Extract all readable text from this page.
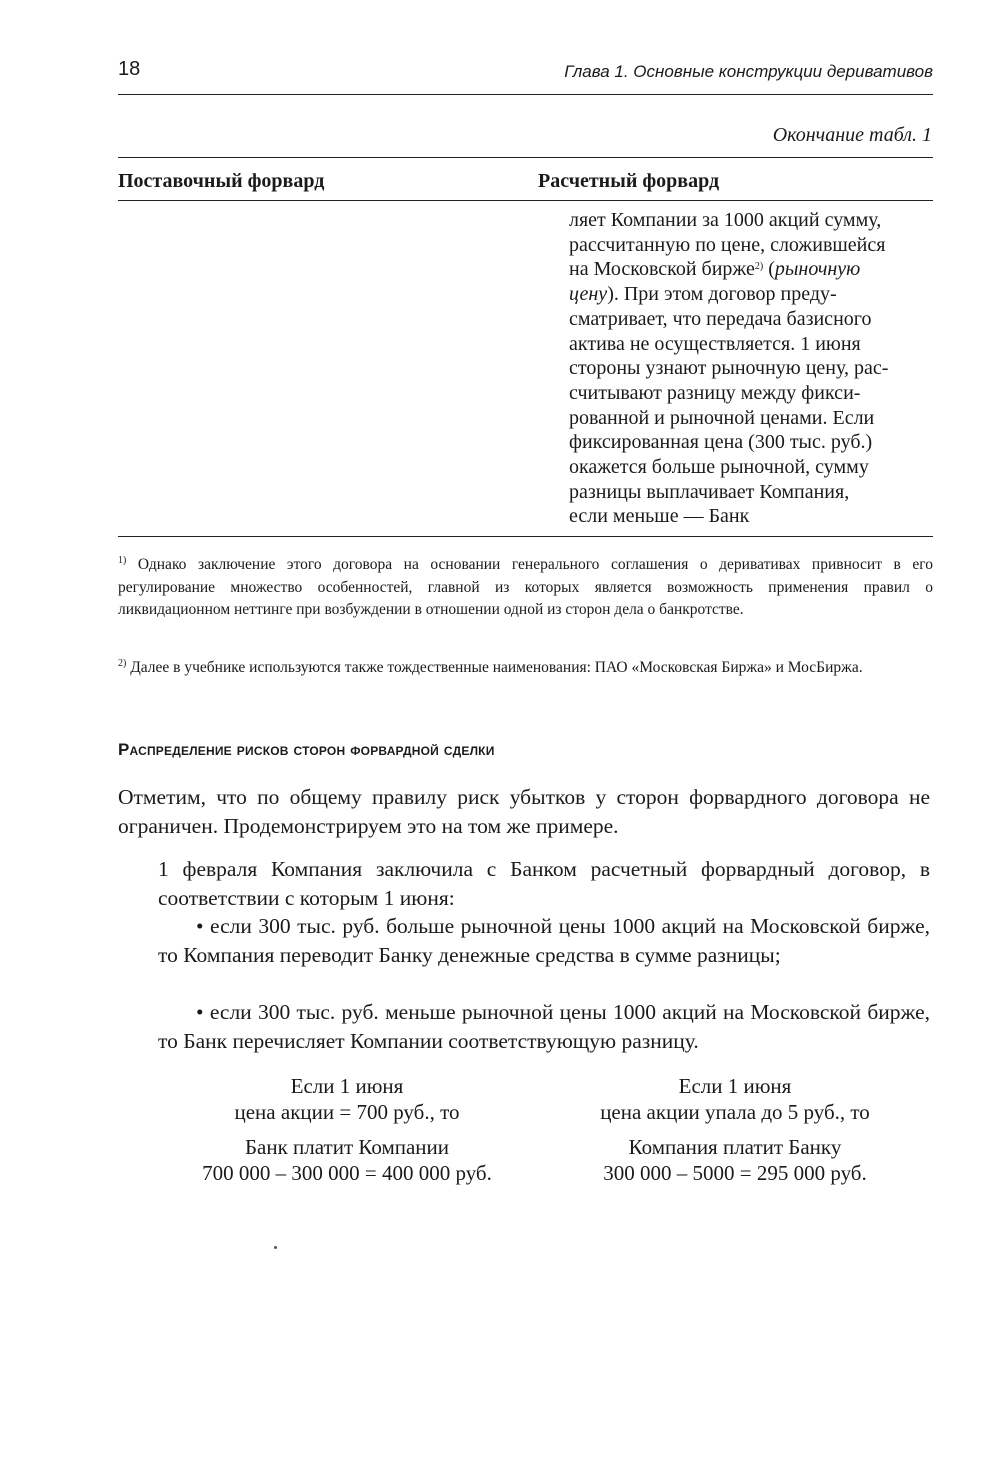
18	Глава 1. Основные конструкции деривативов
Окончание табл. 1
Поставочный форвард	Расчетный форвард

ляет Компании за 1000 акций сумму,

рассчитанную по цене, сложившейся

на Московской бирже$^{2)}$ (рыночную

цену). При этом договор преду-

сматривает, что передача базисного

актива не осуществляется. 1 июня

стороны узнают рыночную цену, рас-

считывают разницу между фикси-

рованной и рыночной ценами. Если

фиксированная цена (300 тыс. руб.)

окажется больше рыночной, сумму

разницы выплачивает Компания,

если меньше — Банк

$^{1)}$ Однако заключение этого договора на основании генерального соглашения о деривативах привносит в его регулирование множество особенностей, главной из которых является возможность применения правил о ликвидационном неттинге при возбуждении в отношении одной из сторон дела о банкротстве.

$^{2)}$ Далее в учебнике используются также тождественные наименования: ПАО «Московская Биржа» и МосБиржа.

Распределение рисков сторон форвардной сделки

Отметим, что по общему правилу риск убытков у сторон форвардного договора не ограничен. Продемонстрируем это на том же примере.

1 февраля Компания заключила с Банком расчетный форвардный договор, в соответствии с которым 1 июня:

• если 300 тыс. руб. больше рыночной цены 1000 акций на Московской бирже, то Компания переводит Банку денежные средства в сумме разницы;

• если 300 тыс. руб. меньше рыночной цены 1000 акций на Московской бирже, то Банк перечисляет Компании соответствующую разницу.

Если 1 июня
цена акции = 700 руб., то
Банк платит Компании
700 000 – 300 000 = 400 000 руб.
Если 1 июня
цена акции упала до 5 руб., то
Компания платит Банку
300 000 – 5000 = 295 000 руб.
